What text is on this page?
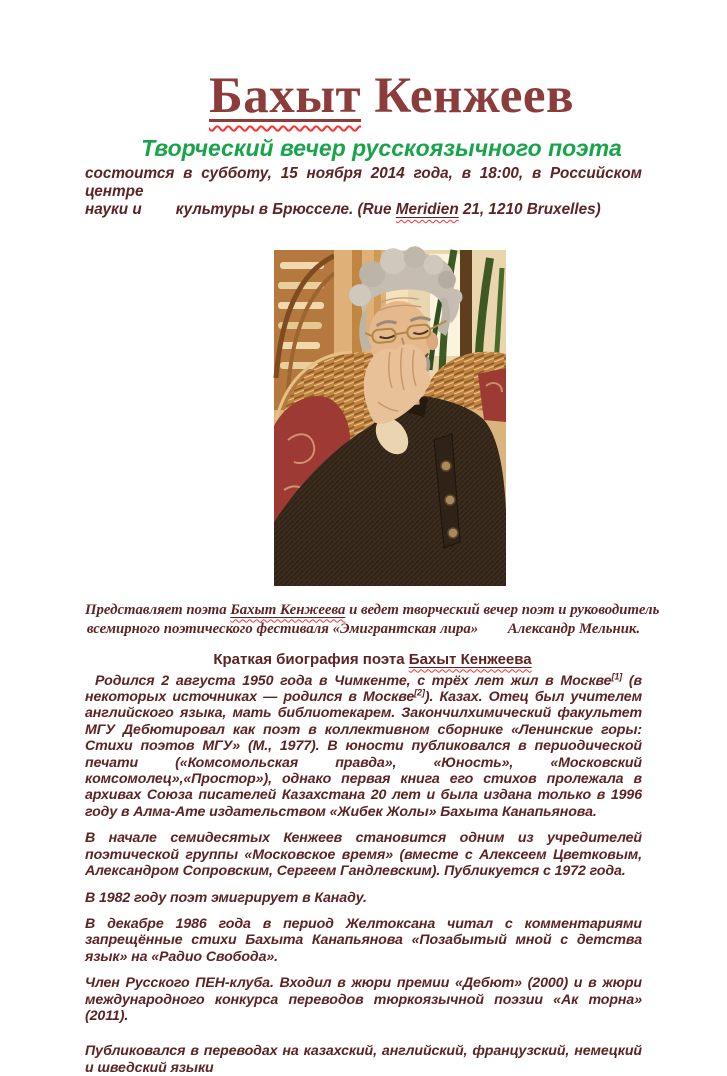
Бахыт Кенжеев
Творческий вечер русскоязычного поэта
состоится в субботу, 15 ноября 2014 года, в 18:00, в Российском центре
науки и        культуры в Брюсселе. (Rue Meridien 21, 1210 Bruxelles)
Представляет поэта Бахыт Кенжеева и ведет творческий вечер поэт и руководитель
всемирного поэтического фестиваля «Эмигрантская лира»        Александр Мельник.
Краткая биография поэта Бахыт Кенжеева

Родился 2 августа 1950 года в Чимкенте, с трёх лет жил в Москве[1] (в некоторых источниках — родился в Москве[2]). Казах. Отец был учителем английского языка, мать библиотекарем. Закончилхимический факультет МГУ Дебютировал как поэт в коллективном сборнике «Ленинские горы: Стихи поэтов МГУ» (М., 1977). В юности публиковался в периодической печати («Комсомольская правда», «Юность», «Московский комсомолец»,«Простор»), однако первая книга его стихов пролежала в архивах Союза писателей Казахстана 20 лет и была издана только в 1996 году в Алма-Ате издательством «Жибек Жолы» Бахыта Канапьянова.

В начале семидесятых Кенжеев становится одним из учредителей поэтической группы «Московское время» (вместе с Алексеем Цветковым, Александром Сопровским, Сергеем Гандлевским). Публикуется с 1972 года.

В 1982 году поэт эмигрирует в Канаду.

В декабре 1986 года в период Желтоксана читал с комментариями запрещённые стихи Бахыта Канапьянова «Позабытый мной с детства язык» на «Радио Свобода».

Член Русского ПЕН-клуба. Входил в жюри премии «Дебют» (2000) и в жюри международного конкурса переводов тюркоязычной поэзии «Ак торна» (2011).

Публиковался в переводах на казахский, английский, французский, немецкий и шведский языки
